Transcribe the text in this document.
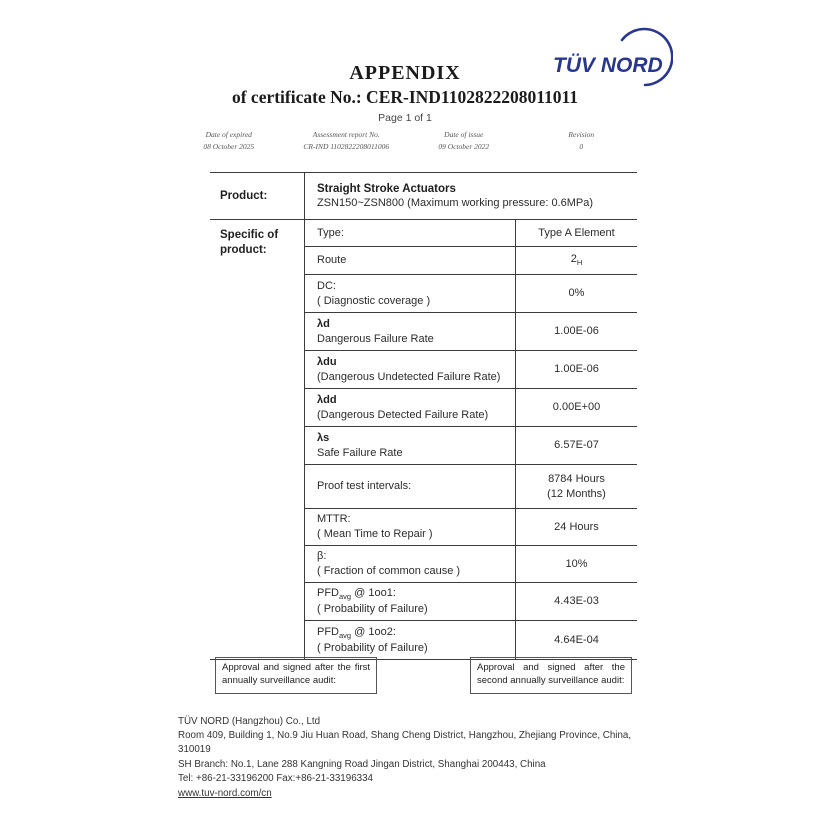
TÜV NORD
APPENDIX
of certificate No.: CER-IND1102822208011011
Page 1 of 1
Date of expired
08 October 2025
Assessment report No.
CR-IND 1102822208011006
Date of issue
09 October 2022
Revision
0
Product:
Straight Stroke Actuators
ZSN150~ZSN800 (Maximum working pressure: 0.6MPa)
Specific of product:
Type:	Type A Element
Route	$2_H$
DC:
( Diagnostic coverage )
0%
λd
Dangerous Failure Rate
1.00E-06
λdu
(Dangerous Undetected Failure Rate)
1.00E-06
λdd
(Dangerous Detected Failure Rate)
0.00E+00
λs
Safe Failure Rate
6.57E-07
Proof test intervals:
8784 Hours
(12 Months)
MTTR:
( Mean Time to Repair )
24 Hours
β:
( Fraction of common cause )
10%
$PFD_{avg}$ @ 1oo1:
( Probability of Failure)
4.43E-03
$PFD_{avg}$ @ 1oo2:
( Probability of Failure)
4.64E-04
Approval and signed after the first annually surveillance audit:
Approval and signed after the second annually surveillance audit:
TÜV NORD (Hangzhou) Co., Ltd
Room 409, Building 1, No.9 Jiu Huan Road, Shang Cheng District, Hangzhou, Zhejiang Province, China, 310019
SH Branch: No.1, Lane 288 Kangning Road Jingan District, Shanghai 200443, China
Tel: +86-21-33196200 Fax:+86-21-33196334
www.tuv-nord.com/cn
